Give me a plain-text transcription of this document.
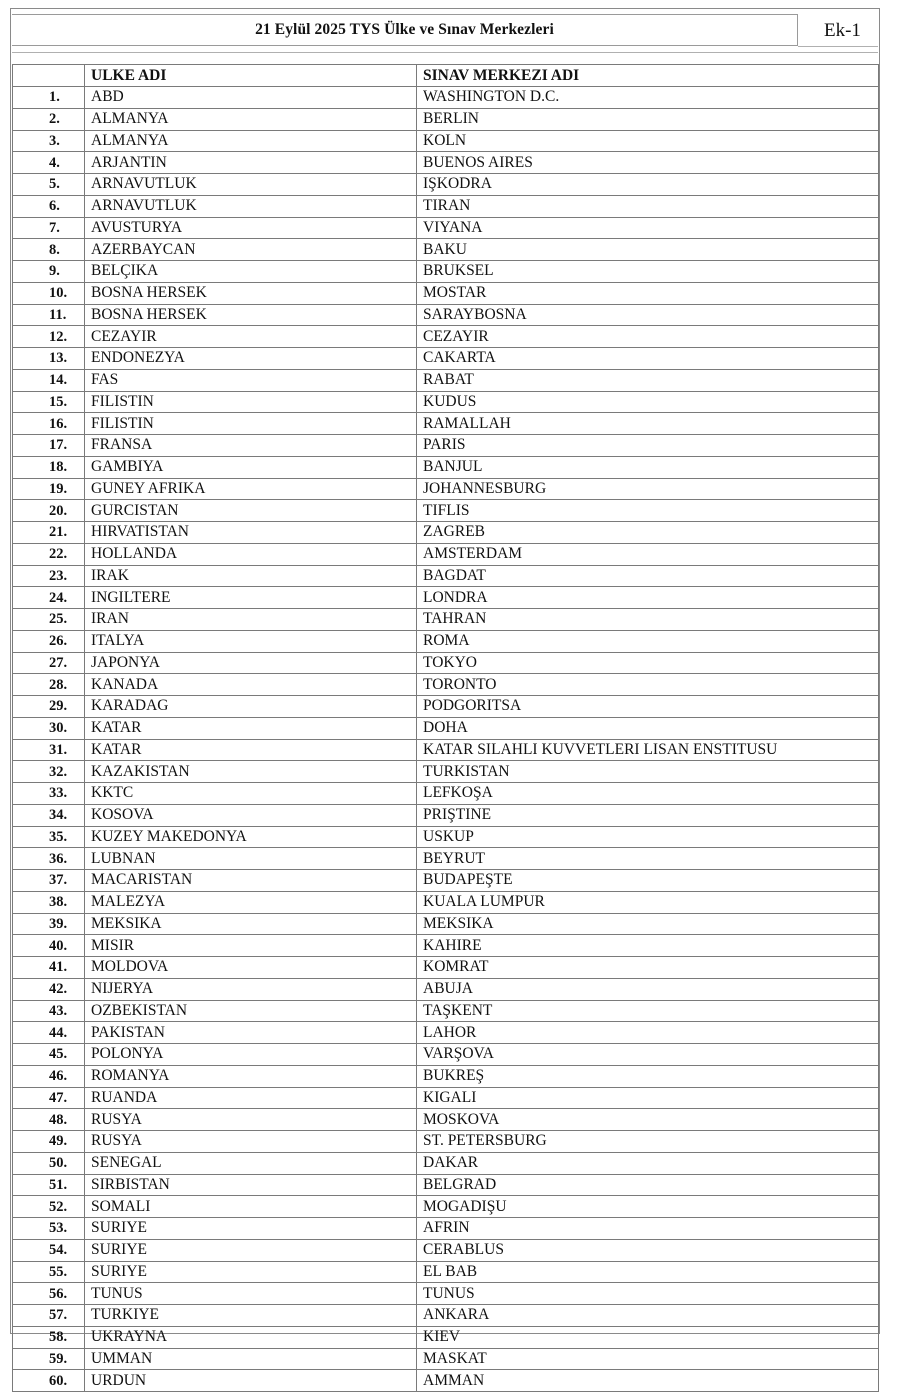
21 Eylül 2025 TYS Ülke ve Sınav Merkezleri	Ek-1
	ULKE ADI	SINAV MERKEZI ADI
1.	ABD	WASHINGTON D.C.
2.	ALMANYA	BERLIN
3.	ALMANYA	KOLN
4.	ARJANTIN	BUENOS AIRES
5.	ARNAVUTLUK	IŞKODRA
6.	ARNAVUTLUK	TIRAN
7.	AVUSTURYA	VIYANA
8.	AZERBAYCAN	BAKU
9.	BELÇIKA	BRUKSEL
10.	BOSNA HERSEK	MOSTAR
11.	BOSNA HERSEK	SARAYBOSNA
12.	CEZAYIR	CEZAYIR
13.	ENDONEZYA	CAKARTA
14.	FAS	RABAT
15.	FILISTIN	KUDUS
16.	FILISTIN	RAMALLAH
17.	FRANSA	PARIS
18.	GAMBIYA	BANJUL
19.	GUNEY AFRIKA	JOHANNESBURG
20.	GURCISTAN	TIFLIS
21.	HIRVATISTAN	ZAGREB
22.	HOLLANDA	AMSTERDAM
23.	IRAK	BAGDAT
24.	INGILTERE	LONDRA
25.	IRAN	TAHRAN
26.	ITALYA	ROMA
27.	JAPONYA	TOKYO
28.	KANADA	TORONTO
29.	KARADAG	PODGORITSA
30.	KATAR	DOHA
31.	KATAR	KATAR SILAHLI KUVVETLERI LISAN ENSTITUSU
32.	KAZAKISTAN	TURKISTAN
33.	KKTC	LEFKOŞA
34.	KOSOVA	PRIŞTINE
35.	KUZEY MAKEDONYA	USKUP
36.	LUBNAN	BEYRUT
37.	MACARISTAN	BUDAPEŞTE
38.	MALEZYA	KUALA LUMPUR
39.	MEKSIKA	MEKSIKA
40.	MISIR	KAHIRE
41.	MOLDOVA	KOMRAT
42.	NIJERYA	ABUJA
43.	OZBEKISTAN	TAŞKENT
44.	PAKISTAN	LAHOR
45.	POLONYA	VARŞOVA
46.	ROMANYA	BUKREŞ
47.	RUANDA	KIGALI
48.	RUSYA	MOSKOVA
49.	RUSYA	ST. PETERSBURG
50.	SENEGAL	DAKAR
51.	SIRBISTAN	BELGRAD
52.	SOMALI	MOGADIŞU
53.	SURIYE	AFRIN
54.	SURIYE	CERABLUS
55.	SURIYE	EL BAB
56.	TUNUS	TUNUS
57.	TURKIYE	ANKARA
58.	UKRAYNA	KIEV
59.	UMMAN	MASKAT
60.	URDUN	AMMAN
